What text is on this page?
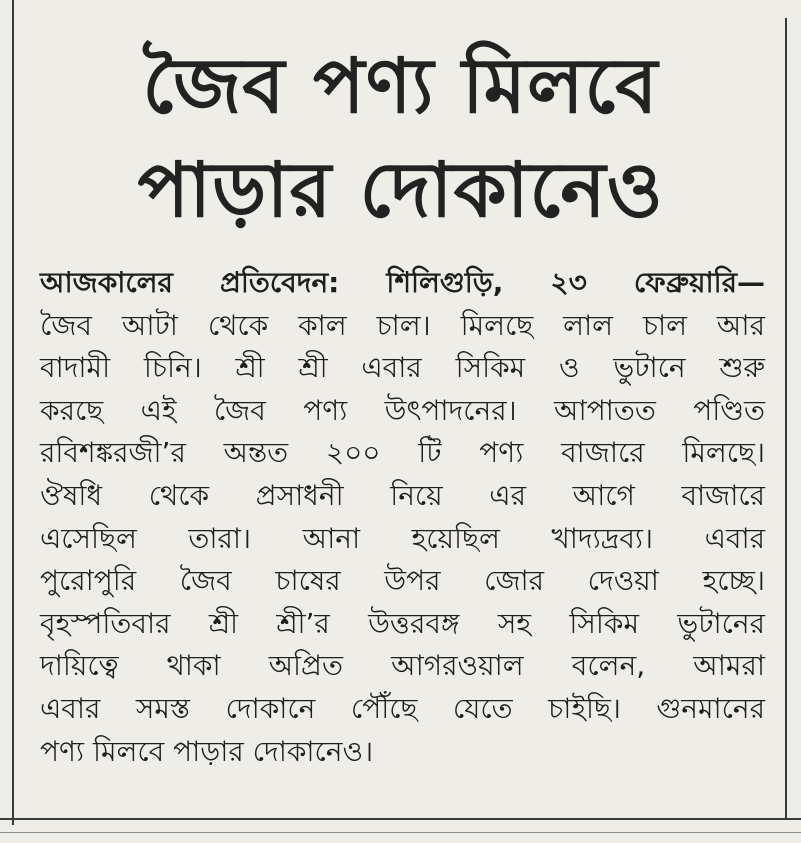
জৈব পণ্য মিলবে
পাড়ার দোকানেও
আজকালের প্রতিবেদন: শিলিগুড়ি, ২৩ ফেব্রুয়ারি—
জৈব আটা থেকে কাল চাল। মিলছে লাল চাল আর
বাদামী চিনি। শ্রী শ্রী এবার সিকিম ও ভুটানে শুরু
করছে এই জৈব পণ্য উৎপাদনের। আপাতত পণ্ডিত
রবিশঙ্করজী’র অন্তত ২০০ টি পণ্য বাজারে মিলছে।
ঔষধি থেকে প্রসাধনী নিয়ে এর আগে বাজারে
এসেছিল তারা। আনা হয়েছিল খাদ্যদ্রব্য। এবার
পুরোপুরি জৈব চাষের উপর জোর দেওয়া হচ্ছে।
বৃহস্পতিবার শ্রী শ্রী’র উত্তরবঙ্গ সহ সিকিম ভুটানের
দায়িত্বে থাকা অপ্রিত আগরওয়াল বলেন, আমরা
এবার সমস্ত দোকানে পৌঁছে যেতে চাইছি। গুনমানের
পণ্য মিলবে পাড়ার দোকানেও।
